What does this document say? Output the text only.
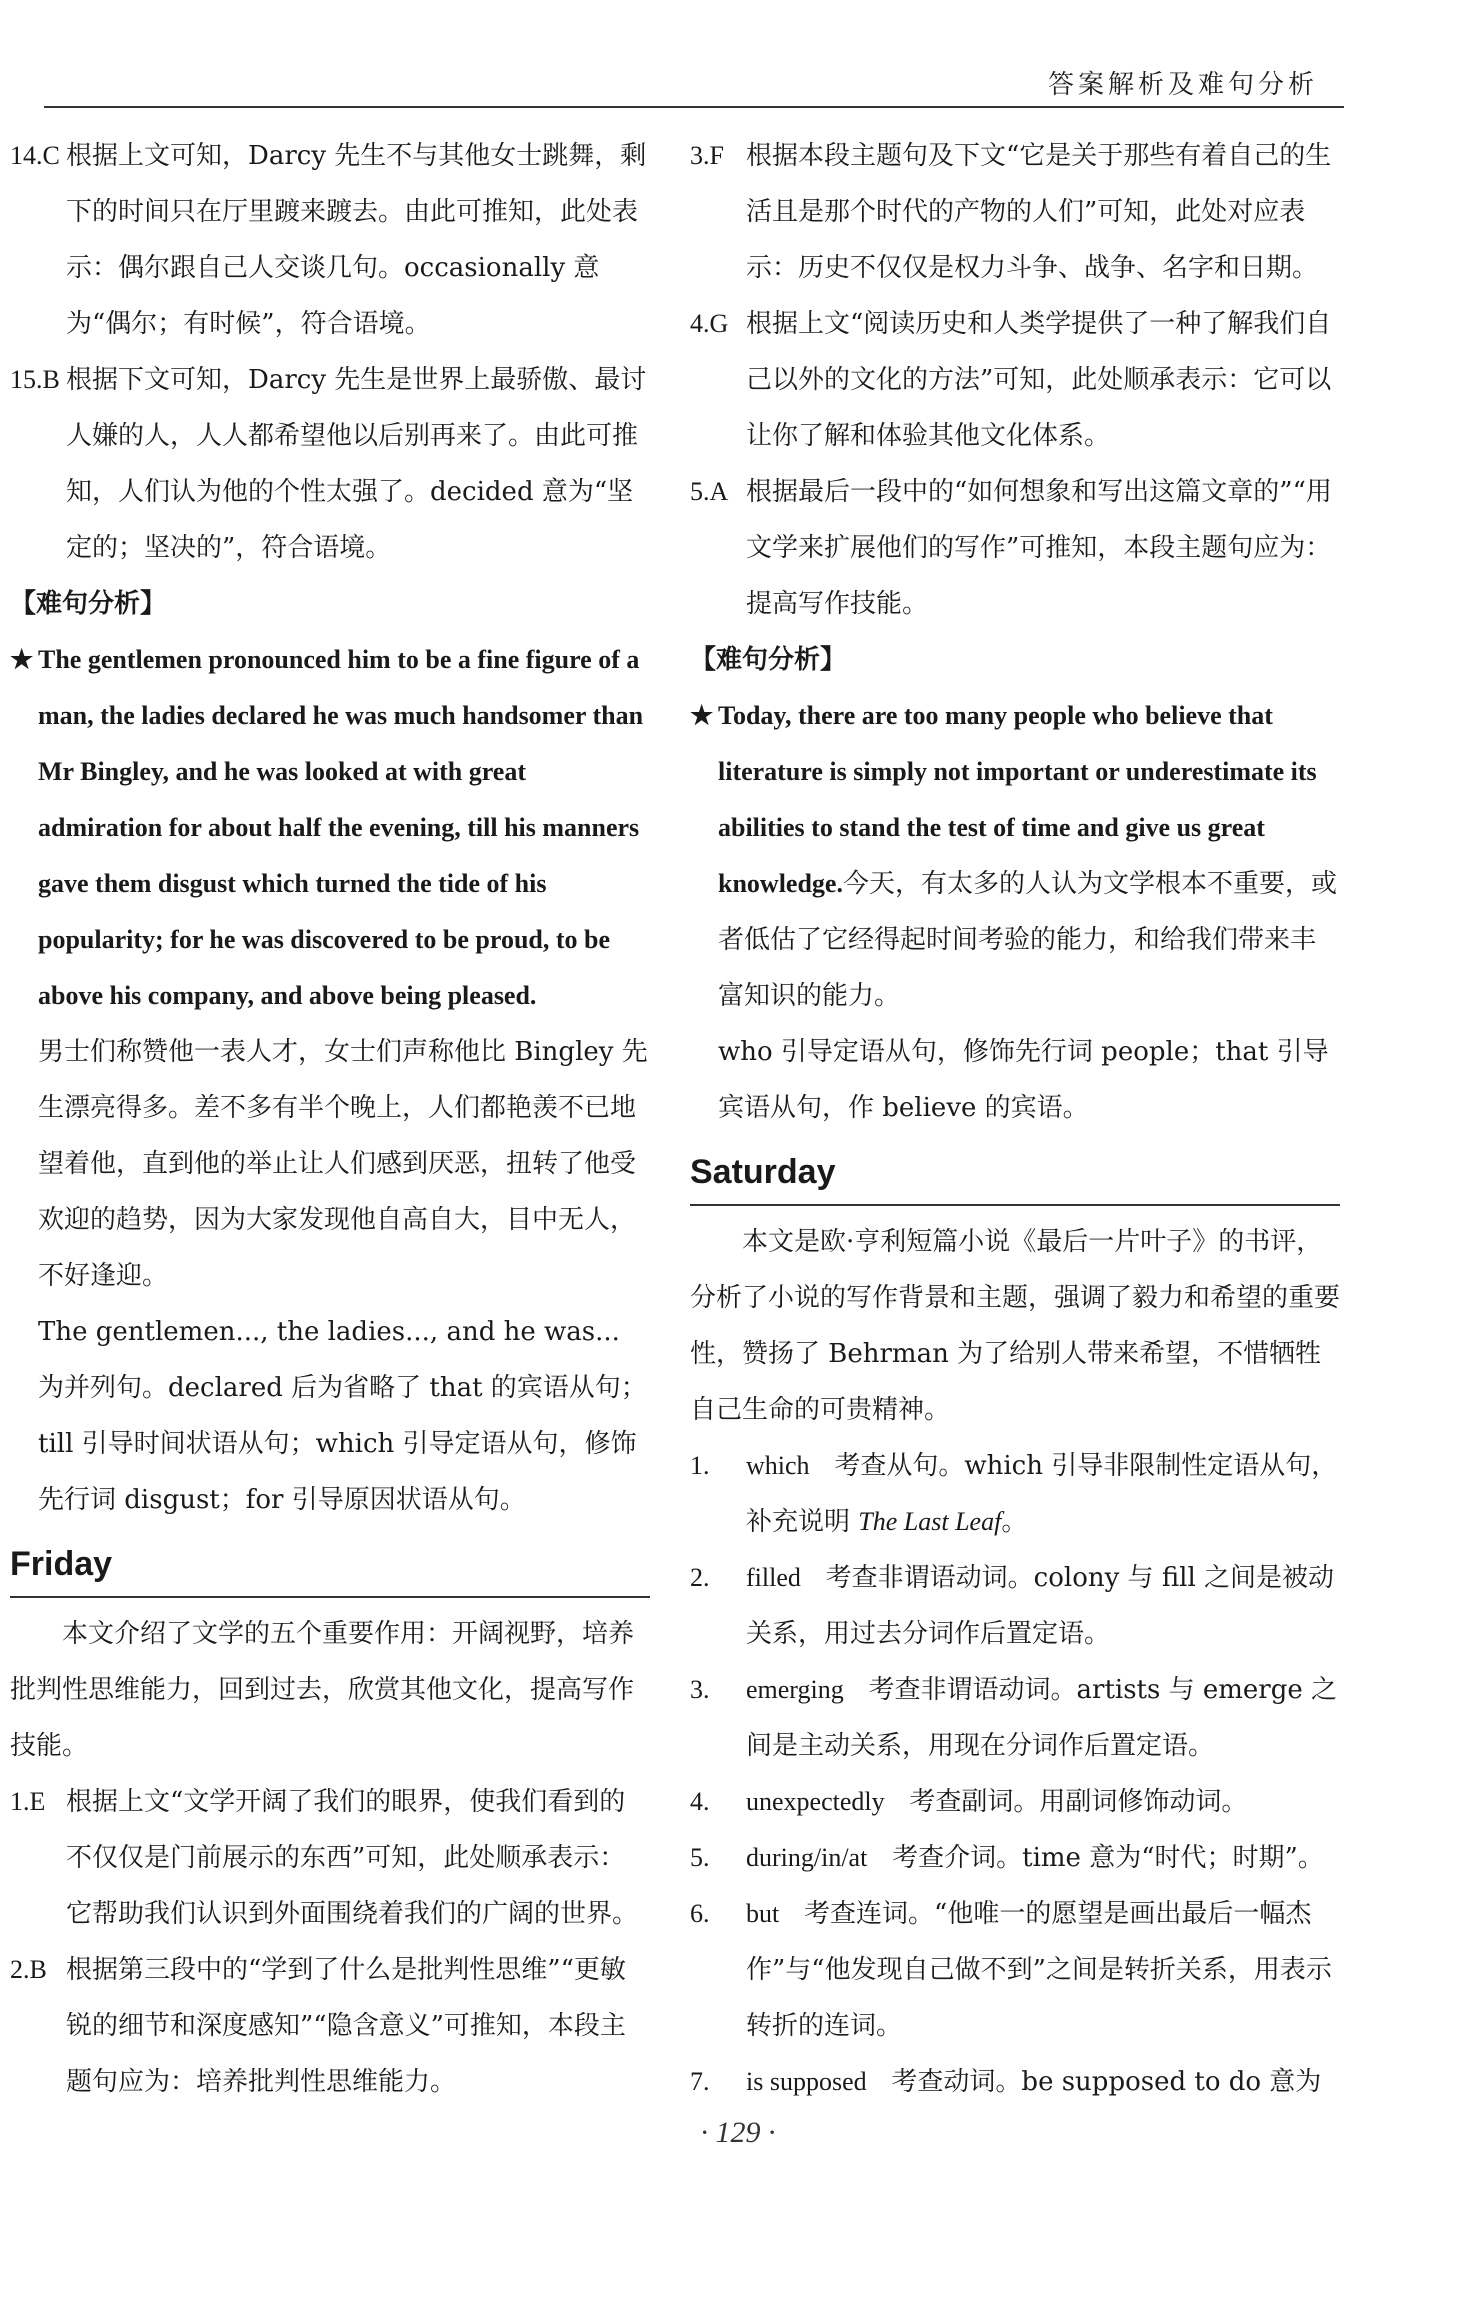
答案解析及难句分析
14.C 根据上文可知，Darcy 先生不与其他女士跳舞，剩下的时间只在厅里踱来踱去。由此可推知，此处表示：偶尔跟自己人交谈几句。occasionally 意为“偶尔；有时候”，符合语境。
15.B 根据下文可知，Darcy 先生是世界上最骄傲、最讨人嫌的人，人人都希望他以后别再来了。由此可推知，人们认为他的个性太强了。decided 意为“坚定的；坚决的”，符合语境。

【难句分析】

★ The gentlemen pronounced him to be a fine figure of a man, the ladies declared he was much handsomer than Mr Bingley, and he was looked at with great admiration for about half the evening, till his manners gave them disgust which turned the tide of his popularity; for he was discovered to be proud, to be above his company, and above being pleased.

男士们称赞他一表人才，女士们声称他比 Bingley 先生漂亮得多。差不多有半个晚上，人们都艳羡不已地望着他，直到他的举止让人们感到厌恶，扭转了他受欢迎的趋势，因为大家发现他自高自大，目中无人，不好逢迎。

The gentlemen..., the ladies..., and he was... 为并列句。declared 后为省略了 that 的宾语从句；till 引导时间状语从句；which 引导定语从句，修饰先行词 disgust；for 引导原因状语从句。

Friday

本文介绍了文学的五个重要作用：开阔视野，培养批判性思维能力，回到过去，欣赏其他文化，提高写作技能。

1.E 根据上文“文学开阔了我们的眼界，使我们看到的不仅仅是门前展示的东西”可知，此处顺承表示：它帮助我们认识到外面围绕着我们的广阔的世界。
2.B 根据第三段中的“学到了什么是批判性思维”“更敏锐的细节和深度感知”“隐含意义”可推知，本段主题句应为：培养批判性思维能力。
3.F 根据本段主题句及下文“它是关于那些有着自己的生活且是那个时代的产物的人们”可知，此处对应表示：历史不仅仅是权力斗争、战争、名字和日期。
4.G 根据上文“阅读历史和人类学提供了一种了解我们自己以外的文化的方法”可知，此处顺承表示：它可以让你了解和体验其他文化体系。
5.A 根据最后一段中的“如何想象和写出这篇文章的”“用文学来扩展他们的写作”可推知，本段主题句应为：提高写作技能。

【难句分析】

★ Today, there are too many people who believe that literature is simply not important or underestimate its abilities to stand the test of time and give us great knowledge.今天，有太多的人认为文学根本不重要，或者低估了它经得起时间考验的能力，和给我们带来丰富知识的能力。

who 引导定语从句，修饰先行词 people；that 引导宾语从句，作 believe 的宾语。

Saturday

本文是欧·亨利短篇小说《最后一片叶子》的书评，分析了小说的写作背景和主题，强调了毅力和希望的重要性，赞扬了 Behrman 为了给别人带来希望，不惜牺牲自己生命的可贵精神。

1.	which 考查从句。which 引导非限制性定语从句，补充说明 The Last Leaf。
2.	filled 考查非谓语动词。colony 与 fill 之间是被动关系，用过去分词作后置定语。
3.	emerging 考查非谓语动词。artists 与 emerge 之间是主动关系，用现在分词作后置定语。
4.	unexpectedly 考查副词。用副词修饰动词。
5.	during/in/at 考查介词。time 意为“时代；时期”。
6.	but 考查连词。“他唯一的愿望是画出最后一幅杰作”与“他发现自己做不到”之间是转折关系，用表示转折的连词。
7.	is supposed 考查动词。be supposed to do 意为
· 129 ·
